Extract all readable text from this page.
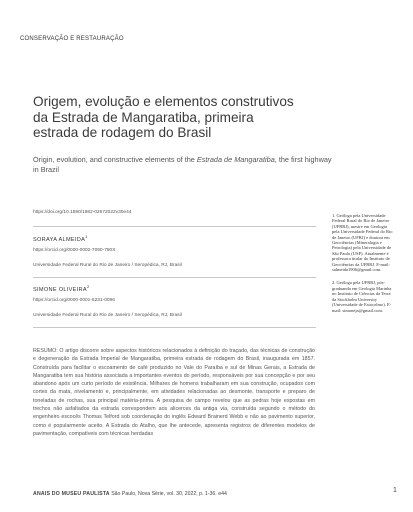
CONSERVAÇÃO E RESTAURAÇÃO
Origem, evolução e elementos construtivos da Estrada de Mangaratiba, primeira estrada de rodagem do Brasil
Origin, evolution, and constructive elements of the Estrada de Mangaratiba, the first highway in Brazil
https://doi.org/10.1590/1982-02672022v30e44
SORAYA ALMEIDA$^1$
https://orcid.org/0000-0002-7090-780X
Universidade Federal Rural do Rio de Janeiro / Seropédica, RJ, Brasil
SIMONE OLIVEIRA$^2$
https://orcid.org/0000-0001-6231-0096
Universidade Federal Rural do Rio de Janeiro / Seropédica, RJ, Brasil

RESUMO: O artigo discorre sobre aspectos históricos relacionados à definição do traçado, das técnicas de construção e degeneração da Estrada Imperial de Mangaratiba, primeira estrada de rodagem do Brasil, inaugurada em 1857. Construída para facilitar o escoamento de café produzido no Vale do Paraíba e sul de Minas Gerais, a Estrada de Mangaratiba tem sua história associada a importantes eventos do período, responsáveis por sua concepção e por seu abandono após um curto período de existência. Milhares de homens trabalharam em sua construção, ocupados com cortes da mata, nivelamento e, principalmente, em atividades relacionadas ao desmonte, transporte e preparo de toneladas de rochas, sua principal matéria-prima. A pesquisa de campo revelou que as pedras hoje expostas em trechos não asfaltados da estrada correspondem aos alicerces da antiga via, construída segundo o método do engenheiro escocês Thomas Telford sob coordenação do inglês Edward Brainerd Webb e não ao pavimento superior, como é popularmente aceito. A Estrada do Atalho, que lhe antecede, apresenta registros de diferentes modelos de pavimentação, compatíveis com técnicas herdadas

1. Geóloga pela Universidade Federal Rural do Rio de Janeiro (UFRRJ), mestre em Geologia pela Universidade Federal do Rio de Janeiro (UFRJ) e doutora em Geociências (Mineralogia e Petrologia) pela Universidade de São Paulo (USP). Atualmente é professora titular do Instituto de Geociências da UFRRJ. E-mail: salmeida1906@gmail.com.

2. Geóloga pela UFRRJ, pós-graduanda em Geologia Marinha no Instituto de Ciências da Terra da Stockholm University (Universidade de Estocolmo). E-mail: simoneja@gmail.com.

ANAIS DO MUSEU PAULISTA São Paulo, Nova Série, vol. 30, 2022, p. 1-36. e44	1
